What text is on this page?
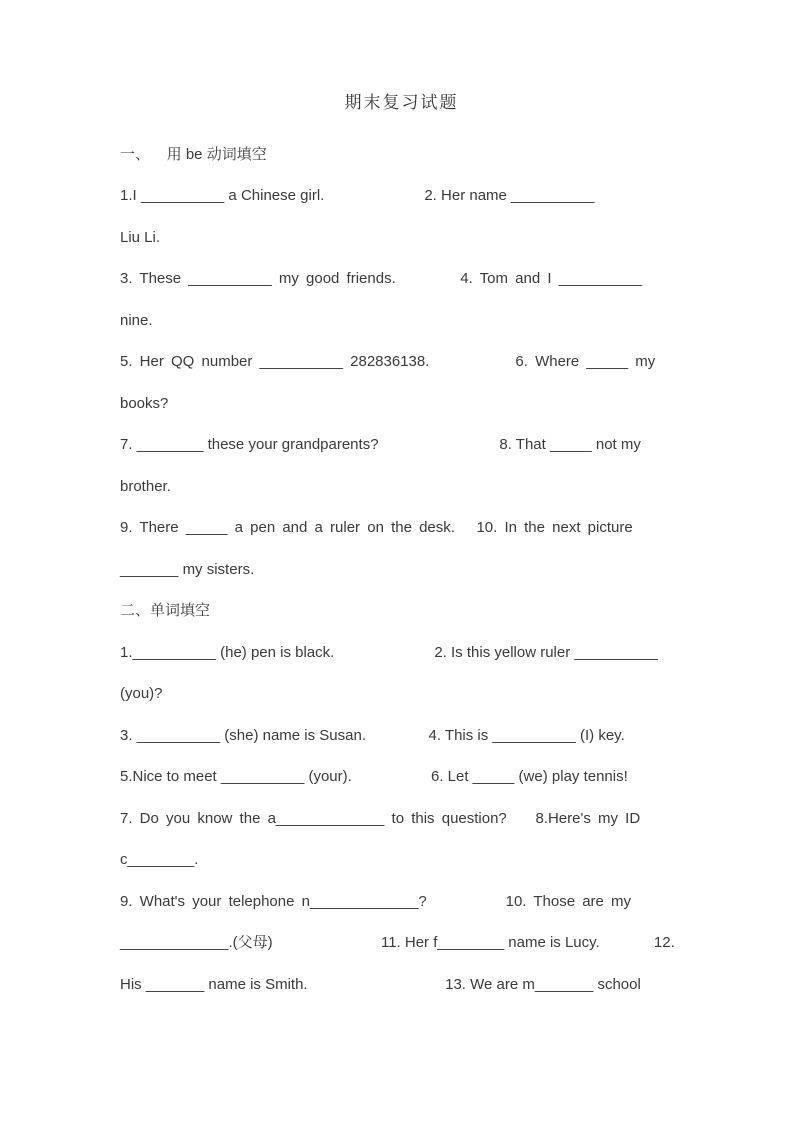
期末复习试题

一、    用 be 动词填空

1.I __________ a Chinese girl.                        2. Her name __________

Liu Li.

3. These __________ my good friends.         4. Tom and I __________

nine.

5. Her QQ number __________ 282836138.            6. Where _____ my

books?

7. ________ these your grandparents?                             8. That _____ not my

brother.

9. There _____ a pen and a ruler on the desk.   10. In the next picture

_______ my sisters.

二、单词填空

1.__________ (he) pen is black.                        2. Is this yellow ruler __________

(you)?

3. __________ (she) name is Susan.               4. This is __________ (I) key.

5.Nice to meet __________ (your).                   6. Let _____ (we) play tennis!

7. Do you know the a_____________ to this question?    8.Here's my ID

c________.

9. What's your telephone n_____________?           10. Those are my

_____________.(父母)                          11. Her f________ name is Lucy.             12.

His _______ name is Smith.                                 13. We are m_______ school
